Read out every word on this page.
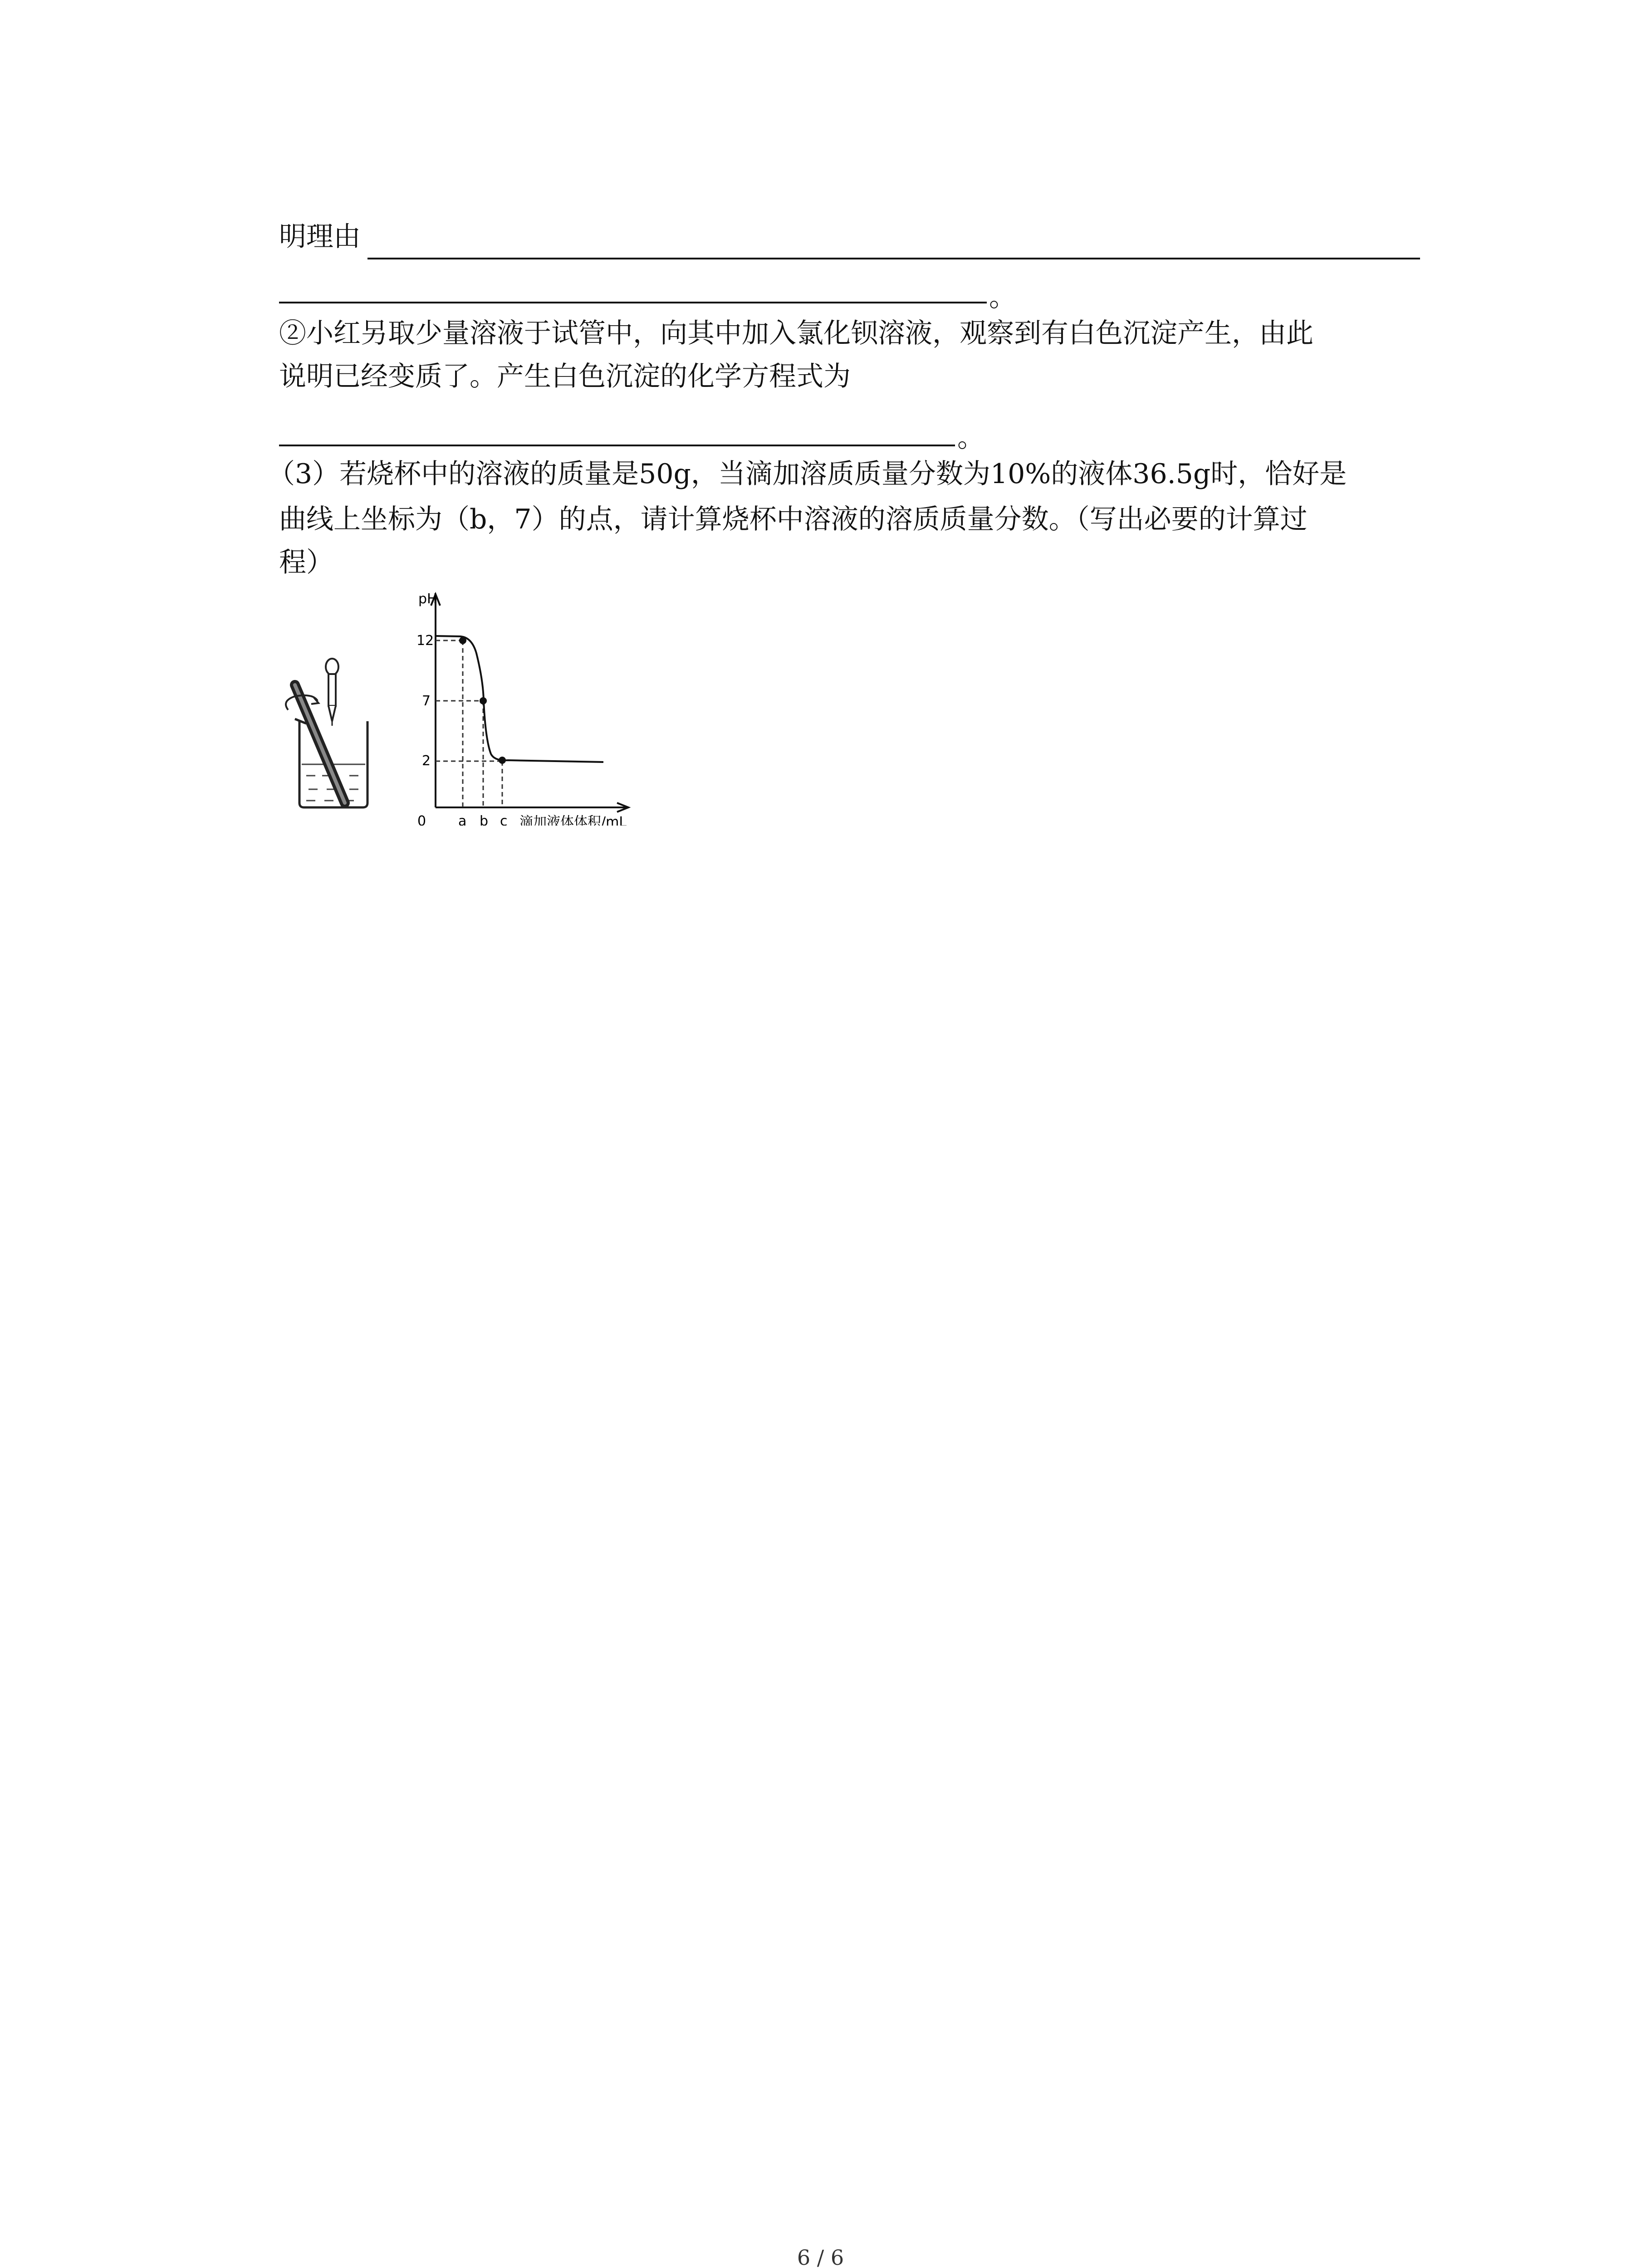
明理由
。
②小红另取少量溶液于试管中，向其中加入氯化钡溶液，观察到有白色沉淀产生，由此
说明已经变质了。产生白色沉淀的化学方程式为
。
（3）若烧杯中的溶液的质量是50g，当滴加溶质质量分数为10%的液体36.5g时，恰好是
曲线上坐标为（b，7）的点，请计算烧杯中溶液的溶质质量分数。（写出必要的计算过
程）
pH
0
12
7
2
a b c 滴加液体体积/mL
6 / 6
